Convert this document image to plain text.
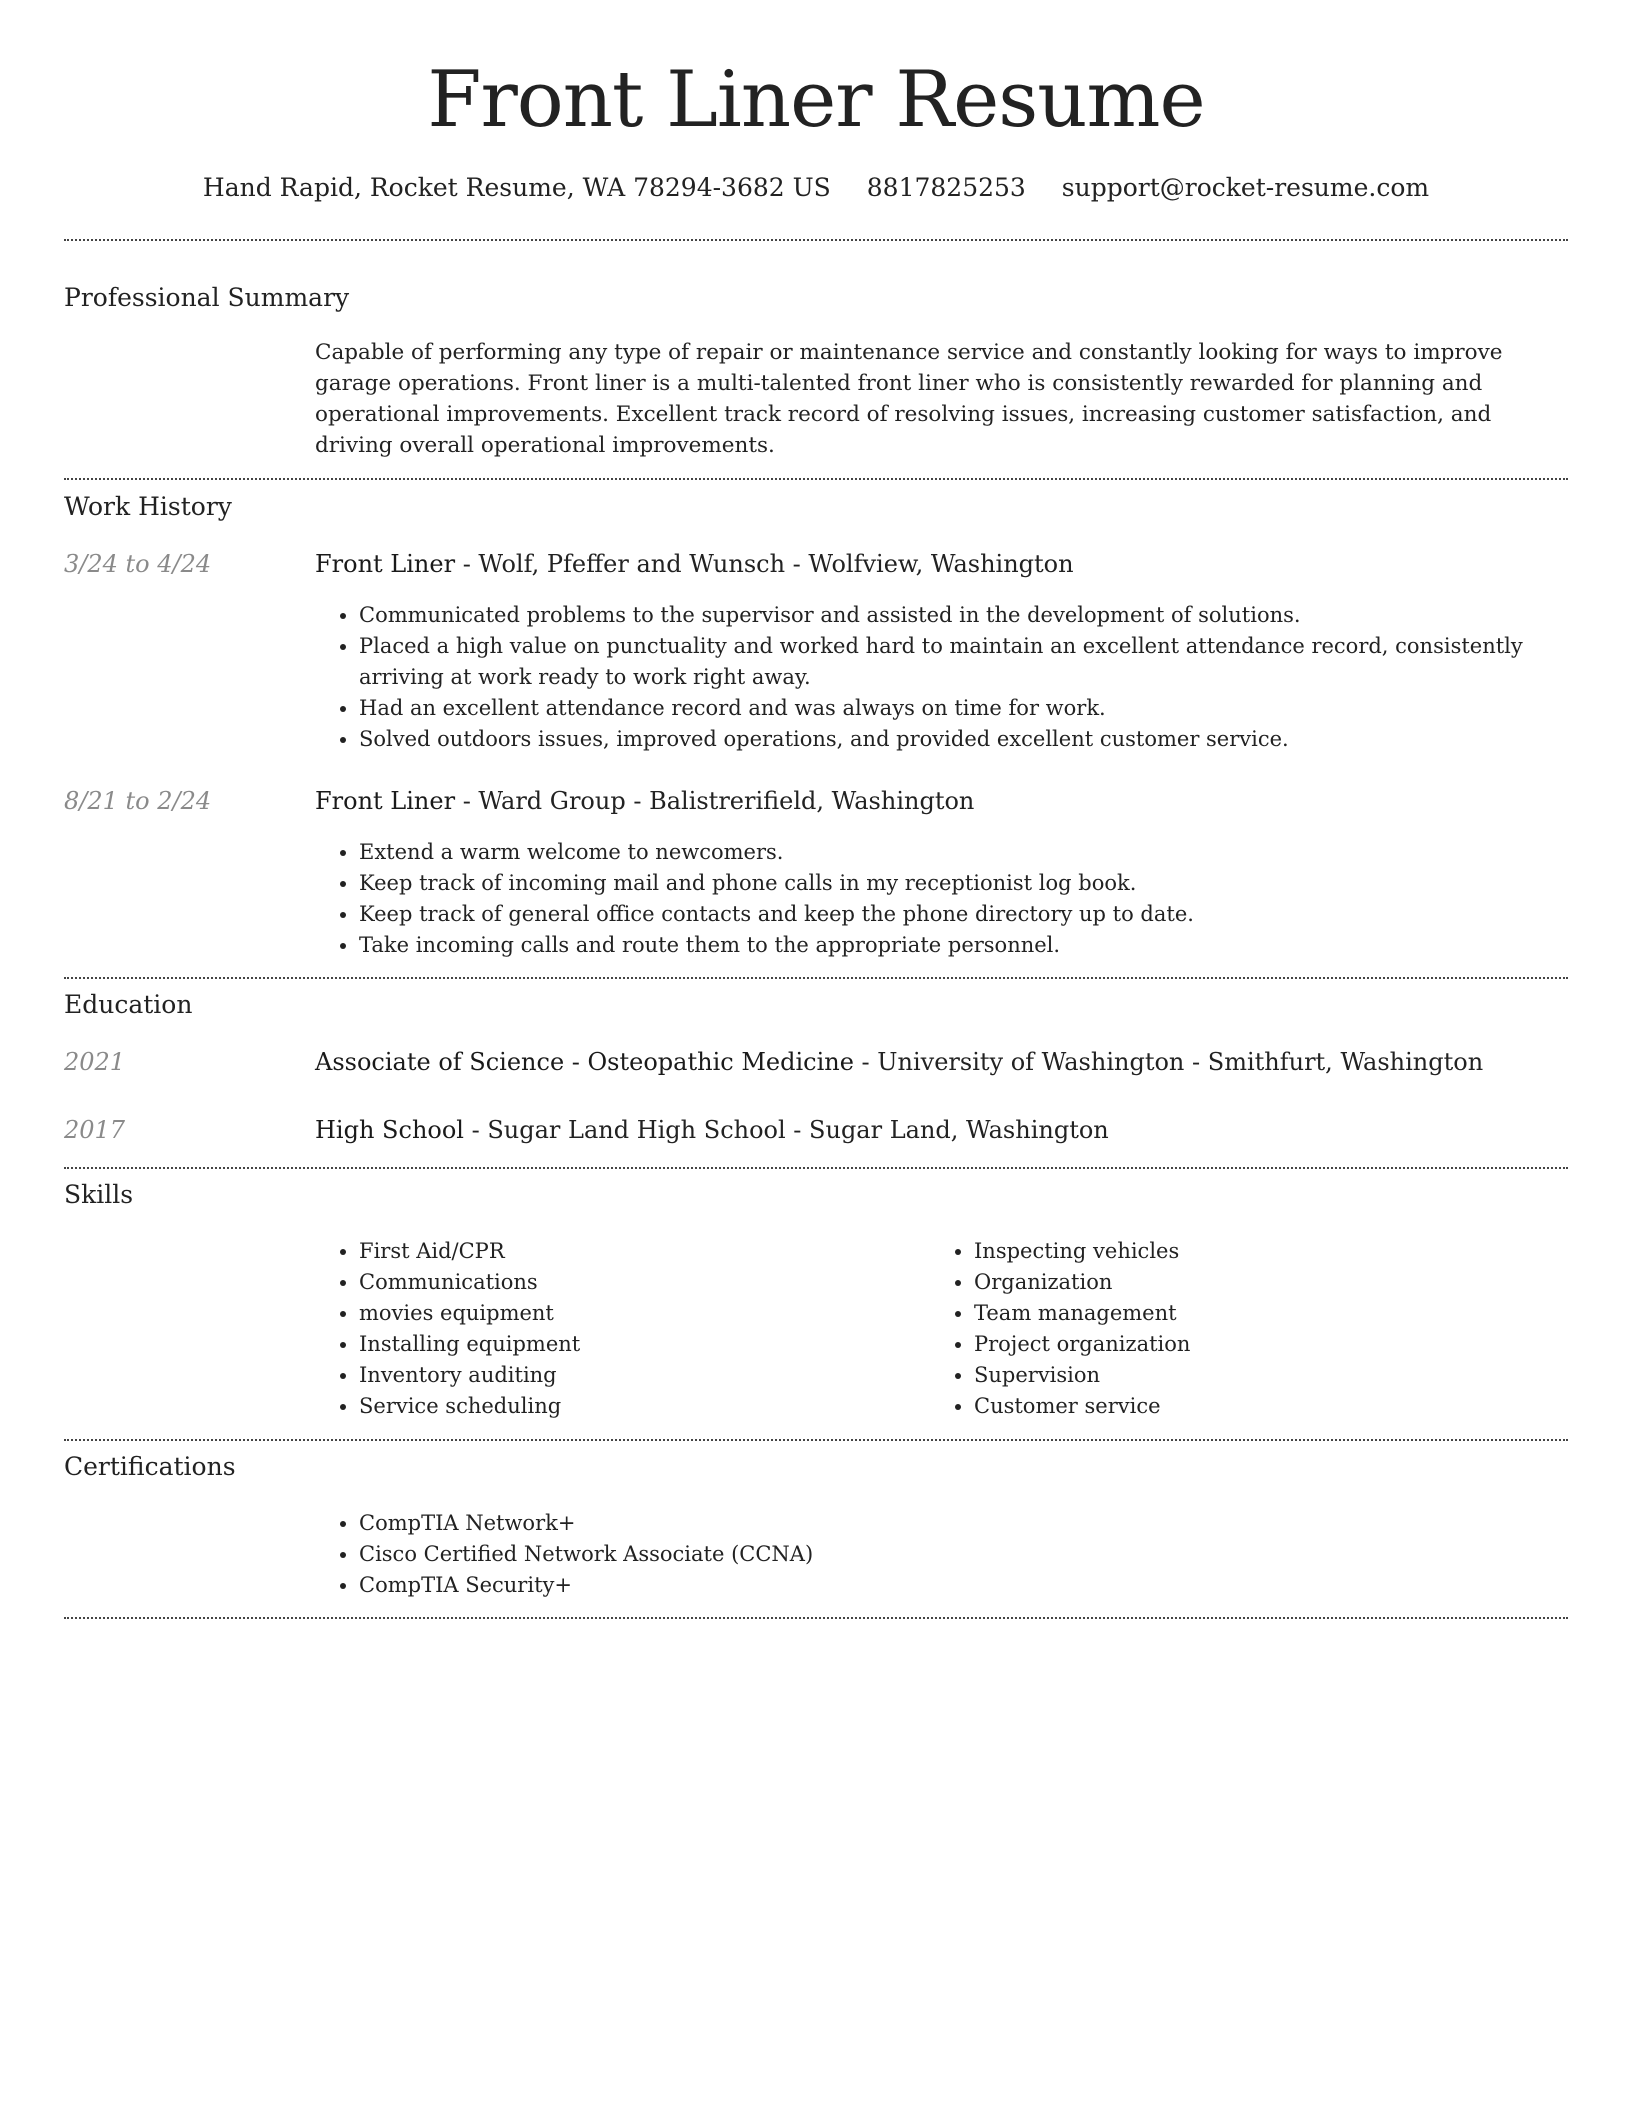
Front Liner Resume
Hand Rapid, Rocket Resume, WA 78294-3682 US 8817825253 support@rocket-resume.com
Professional Summary

Capable of performing any type of repair or maintenance service and constantly looking for ways to improve garage operations. Front liner is a multi-talented front liner who is consistently rewarded for planning and operational improvements. Excellent track record of resolving issues, increasing customer satisfaction, and driving overall operational improvements.

Work History
3/24 to 4/24	Front Liner - Wolf, Pfeffer and Wunsch - Wolfview, Washington
• Communicated problems to the supervisor and assisted in the development of solutions.
• Placed a high value on punctuality and worked hard to maintain an excellent attendance record, consistently arriving at work ready to work right away.
• Had an excellent attendance record and was always on time for work.
• Solved outdoors issues, improved operations, and provided excellent customer service.
8/21 to 2/24	Front Liner - Ward Group - Balistrerifield, Washington
• Extend a warm welcome to newcomers.
• Keep track of incoming mail and phone calls in my receptionist log book.
• Keep track of general office contacts and keep the phone directory up to date.
• Take incoming calls and route them to the appropriate personnel.
Education
2021	Associate of Science - Osteopathic Medicine - University of Washington - Smithfurt, Washington
2017	High School - Sugar Land High School - Sugar Land, Washington
Skills
• First Aid/CPR
• Communications
• movies equipment
• Installing equipment
• Inventory auditing
• Service scheduling
• Inspecting vehicles
• Organization
• Team management
• Project organization
• Supervision
• Customer service
Certifications
• CompTIA Network+
• Cisco Certified Network Associate (CCNA)
• CompTIA Security+
